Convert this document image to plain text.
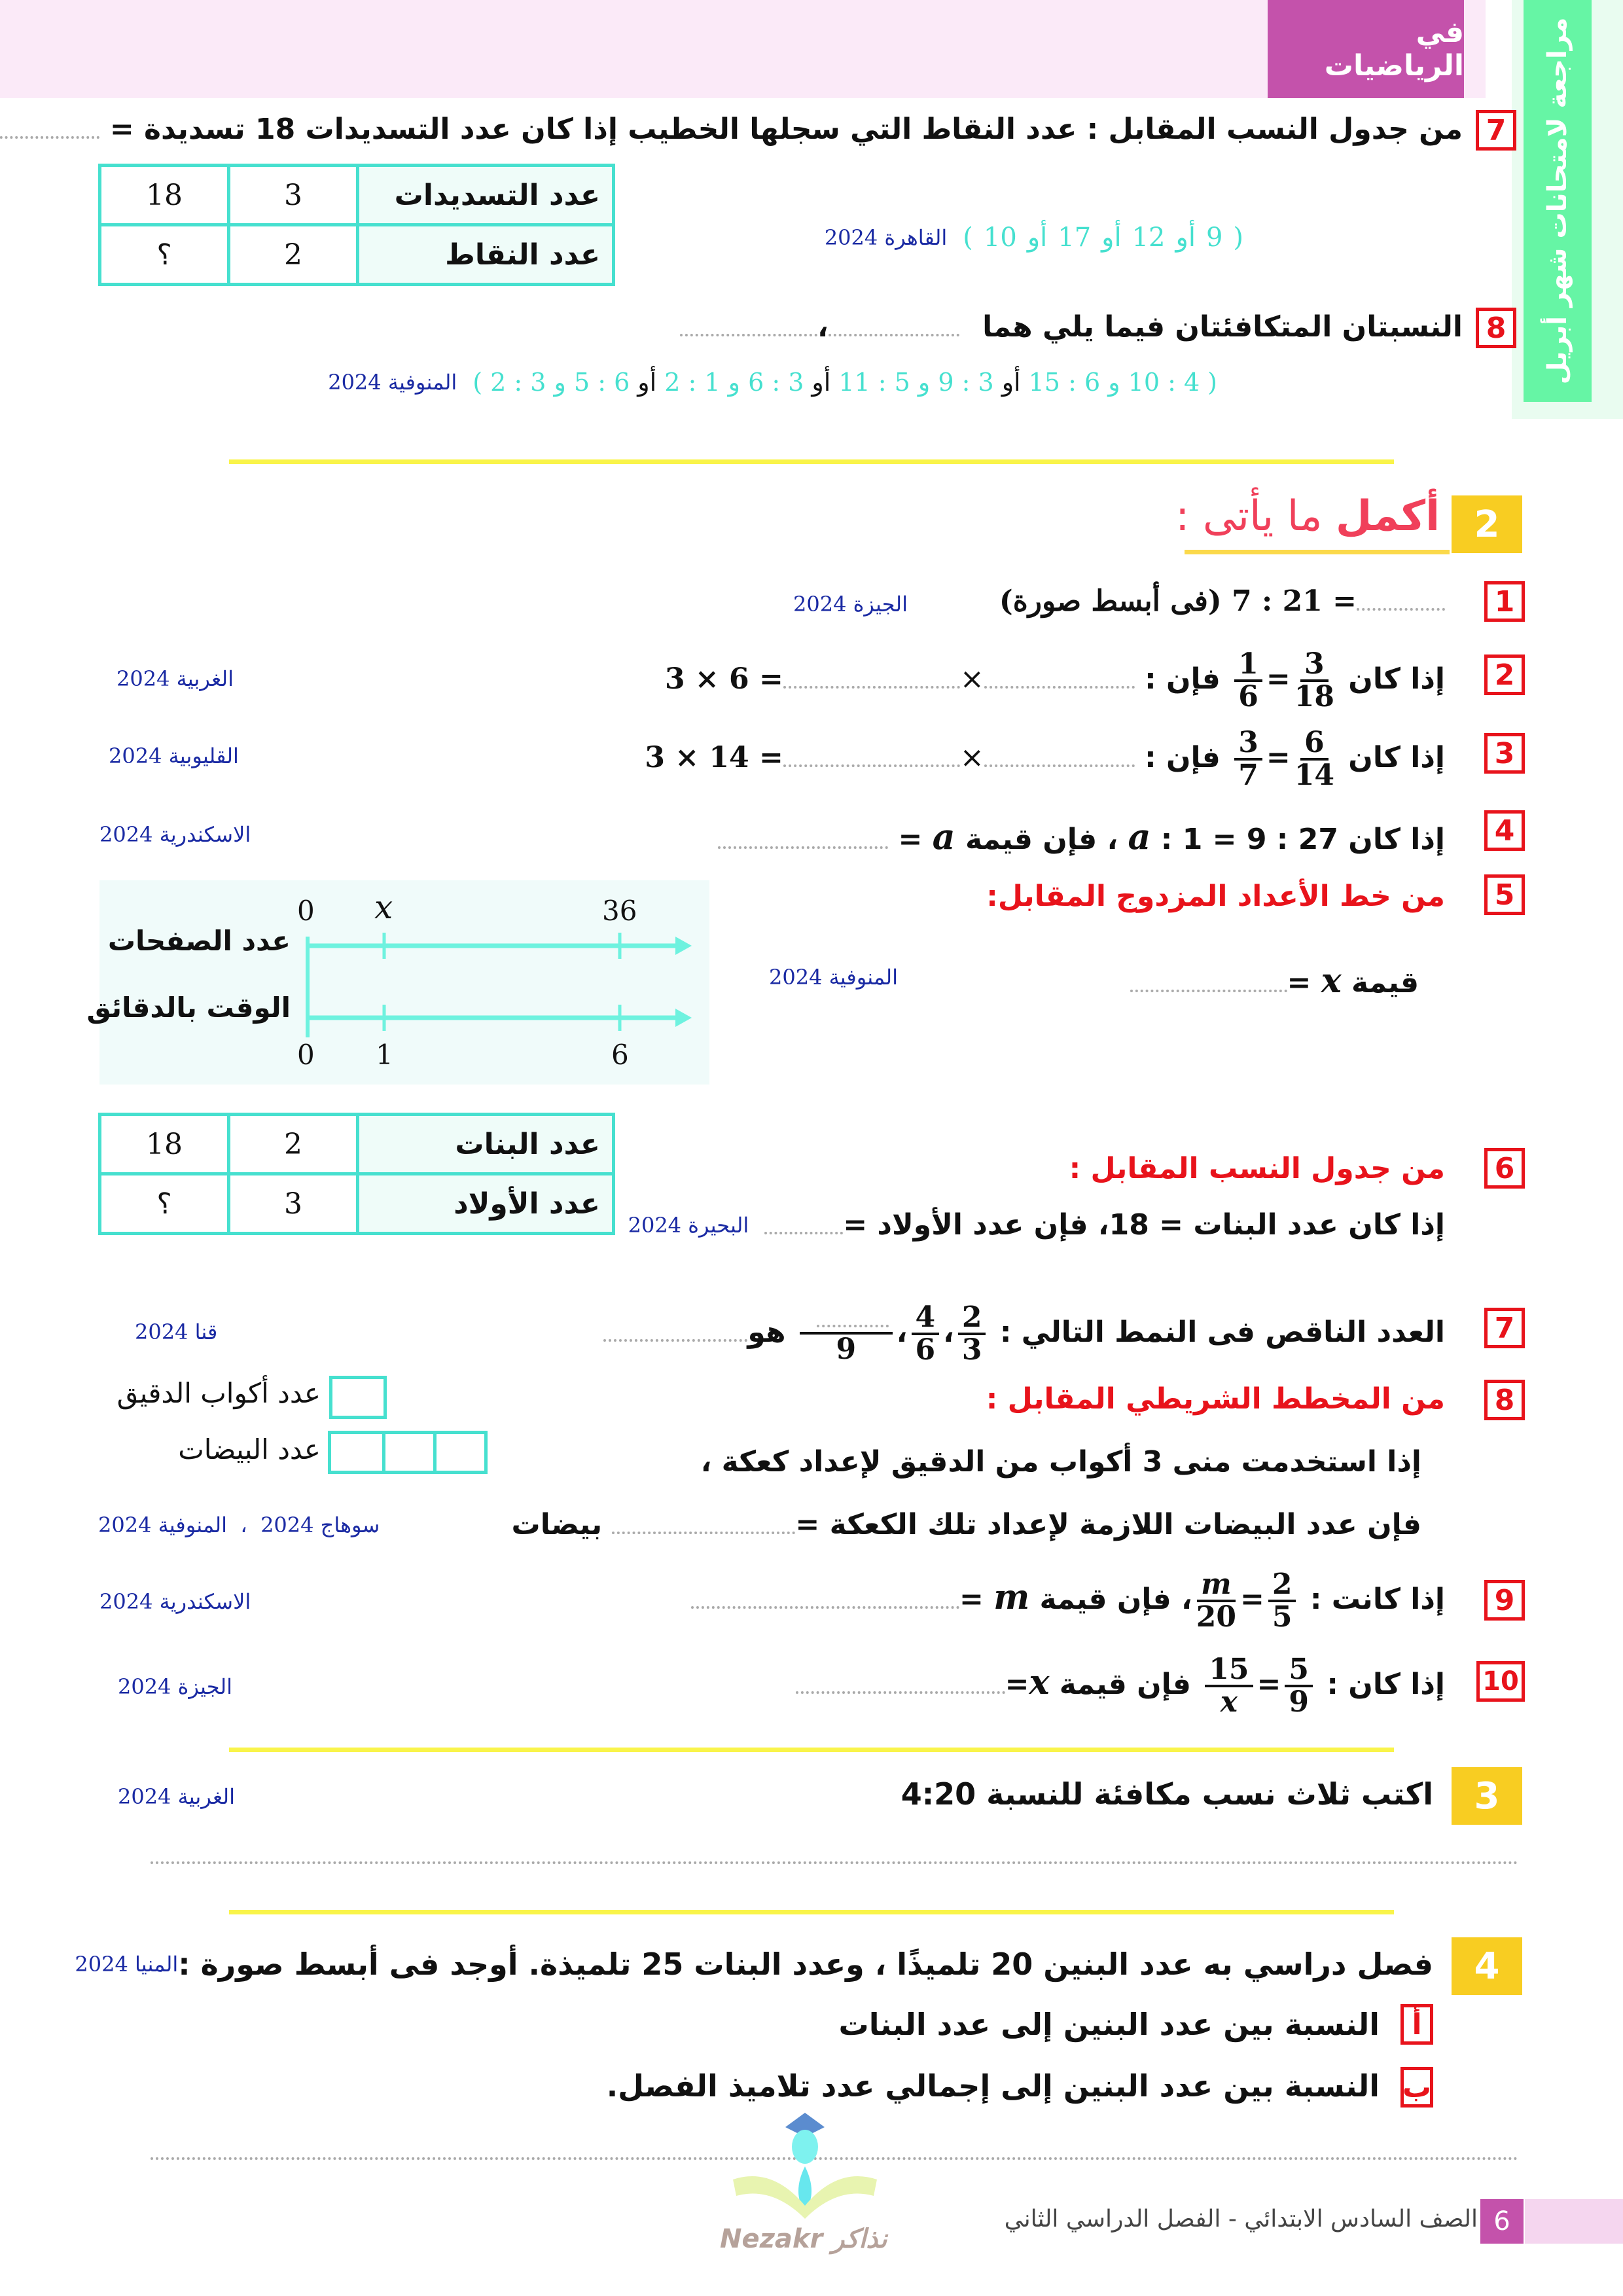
في الرياضيات	مراجعة لامتحانات شهر أبريل
7
من جدول النسب المقابل : عدد النقاط التي سجلها الخطيب إذا كان عدد التسديدات 18 تسديدة =
18	3	عدد التسديدات
؟	2	عدد النقاط
(9أو12أو17أو10)
القاهرة 2024
8
النسبتان المتكافئتان فيما يلي هما ،
(4 : 10 و 6 : 15أو3 : 9 و 5 : 11أو3 : 6 و 1 : 2أو6 : 5 و 3 : 2)
المنوفية 2024
2
أكمل ما يأتى :
1
= 21 : 7 (فى أبسط صورة)
الجيزة 2024
2
إذا كان
$\frac{3}{18}$
=
$\frac{1}{6}$
فإن : ×3 × 6 =
الغربية 2024
3
إذا كان
$\frac{6}{14}$
=
$\frac{3}{7}$
فإن : ×3 × 14 =
القليوبية 2024
4
إذا كان 27 : 9 = a : 1 ، فإن قيمة a =
الاسكندرية 2024
5
من خط الأعداد المزدوج المقابل:
قيمة x =
المنوفية 2024
0 x	36
0 1	6
عدد الصفحات
الوقت بالدقائق
18	2	عدد البنات
؟	3	عدد الأولاد
6
من جدول النسب المقابل :
إذا كان عدد البنات = 18، فإن عدد الأولاد =
البحيرة 2024
7
العدد الناقص فى النمط التالي :
$\frac{2}{3}$
،
$\frac{4}{6}$
،
9
هو
قنا 2024
8
من المخطط الشريطي المقابل :
إذا استخدمت منى 3 أكواب من الدقيق لإعداد كعكة ،
فإن عدد البيضات اللازمة لإعداد تلك الكعكة = بيضات
سوهاج 2024  ،  المنوفية 2024
عدد أكواب الدقيق
عدد البيضات
9
إذا كانت :
$\frac{2}{5}$
=
$\frac{m}{20}$
، فإن قيمة m =
الاسكندرية 2024
10
إذا كان :
$\frac{5}{9}$
=
$\frac{15}{x}$
فإن قيمة x=
الجيزة 2024
3
اكتب ثلاث نسب مكافئة للنسبة 4:20
الغربية 2024
4
فصل دراسي به عدد البنين 20 تلميذًا ، وعدد البنات 25 تلميذة. أوجد فى أبسط صورة :
المنيا 2024
أ
النسبة بين عدد البنين إلى عدد البنات
ب
النسبة بين عدد البنين إلى إجمالي عدد تلاميذ الفصل.
Nezakr نذاكر
الصف السادس الابتدائي - الفصل الدراسي الثاني 6
